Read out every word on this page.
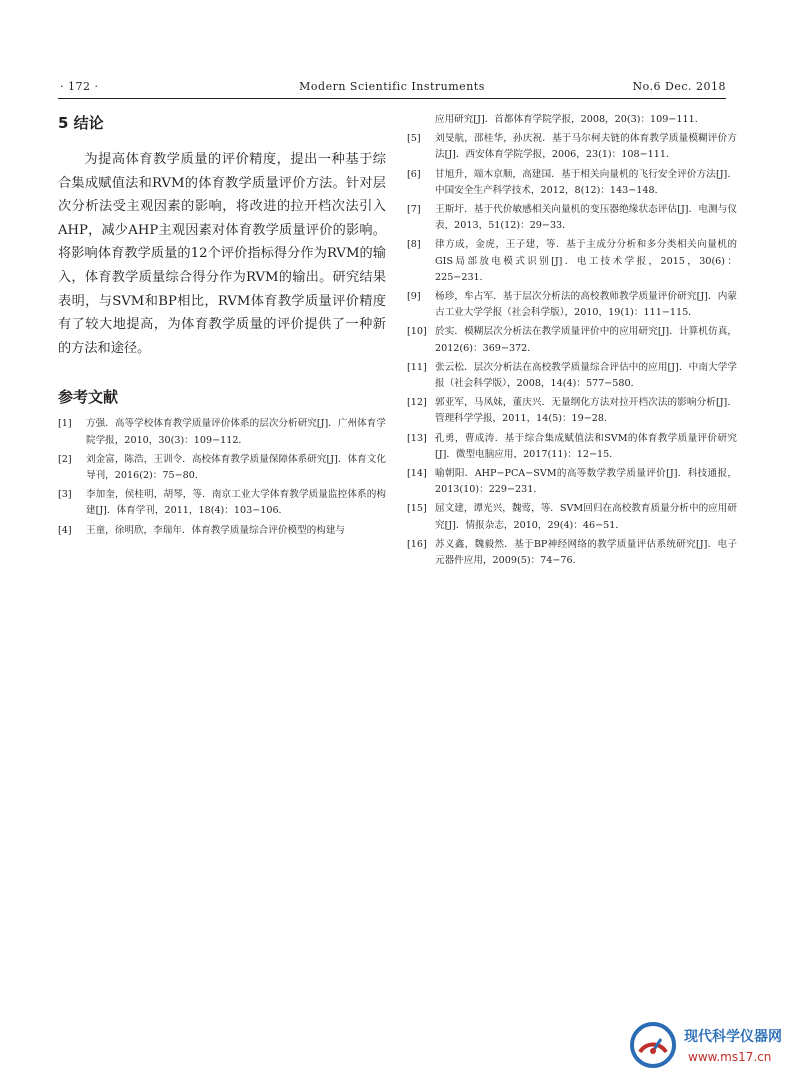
· 172 ·	Modern Scientific Instruments	No.6 Dec. 2018
5 结论

为提高体育教学质量的评价精度，提出一种基于综合集成赋值法和RVM的体育教学质量评价方法。针对层次分析法受主观因素的影响，将改进的拉开档次法引入AHP，减少AHP主观因素对体育教学质量评价的影响。将影响体育教学质量的12个评价指标得分作为RVM的输入，体育教学质量综合得分作为RVM的输出。研究结果表明，与SVM和BP相比，RVM体育教学质量评价精度有了较大地提高，为体育教学质量的评价提供了一种新的方法和途径。

参考文献
[1]	方强．高等学校体育教学质量评价体系的层次分析研究[J]．广州体育学院学报，2010，30(3)：109−112．
[2]	刘金富，陈浩，王训令．高校体育教学质量保障体系研究[J]．体育文化导刊，2016(2)：75−80．
[3]	李加奎，侯桂明，胡琴，等．南京工业大学体育教学质量监控体系的构建[J]．体育学刊，2011，18(4)：103−106．
[4]	王童，徐明欣，李瑞年．体育教学质量综合评价模型的构建与
应用研究[J]．首都体育学院学报，2008，20(3)：109−111．
[5]	刘旻航，邵桂华，孙庆祝．基于马尔柯夫链的体育教学质量模糊评价方法[J]．西安体育学院学报，2006，23(1)：108−111．
[6]	甘旭升，端木京顺，高建国．基于相关向量机的飞行安全评价方法[J]．中国安全生产科学技术，2012，8(12)：143−148．
[7]	王斯圩．基于代价敏感相关向量机的变压器绝缘状态评估[J]．电测与仪表，2013，51(12)：29−33．
[8]	律方成，金虎，王子建，等．基于主成分分析和多分类相关向量机的GIS局部放电模式识别[J]．电工技术学报，2015，30(6)：225−231．
[9]	杨珍，牟占军．基于层次分析法的高校教师教学质量评价研究[J]．内蒙古工业大学学报（社会科学版），2010，19(1)：111−115．
[10] 於实．模糊层次分析法在教学质量评价中的应用研究[J]．计算机仿真，2012(6)：369−372．
[11] 张云松．层次分析法在高校教学质量综合评估中的应用[J]．中南大学学报（社会科学版），2008，14(4)：577−580．
[12] 郭亚军，马凤妹，董庆兴．无量纲化方法对拉开档次法的影响分析[J]．管理科学学报，2011，14(5)：19−28．
[13] 孔勇，曹成涛．基于综合集成赋值法和SVM的体育教学质量评价研究[J]．微型电脑应用，2017(11)：12−15．
[14] 喻朝阳．AHP−PCA−SVM的高等数学教学质量评价[J]．科技通报，2013(10)：229−231．
[15] 屈文建，谭光兴，魏莺，等．SVM回归在高校教育质量分析中的应用研究[J]．情报杂志，2010，29(4)：46−51．
[16] 苏义鑫，魏毅然．基于BP神经网络的教学质量评估系统研究[J]．电子元器件应用，2009(5)：74−76．
现代科学仪器网
www.ms17.cn
